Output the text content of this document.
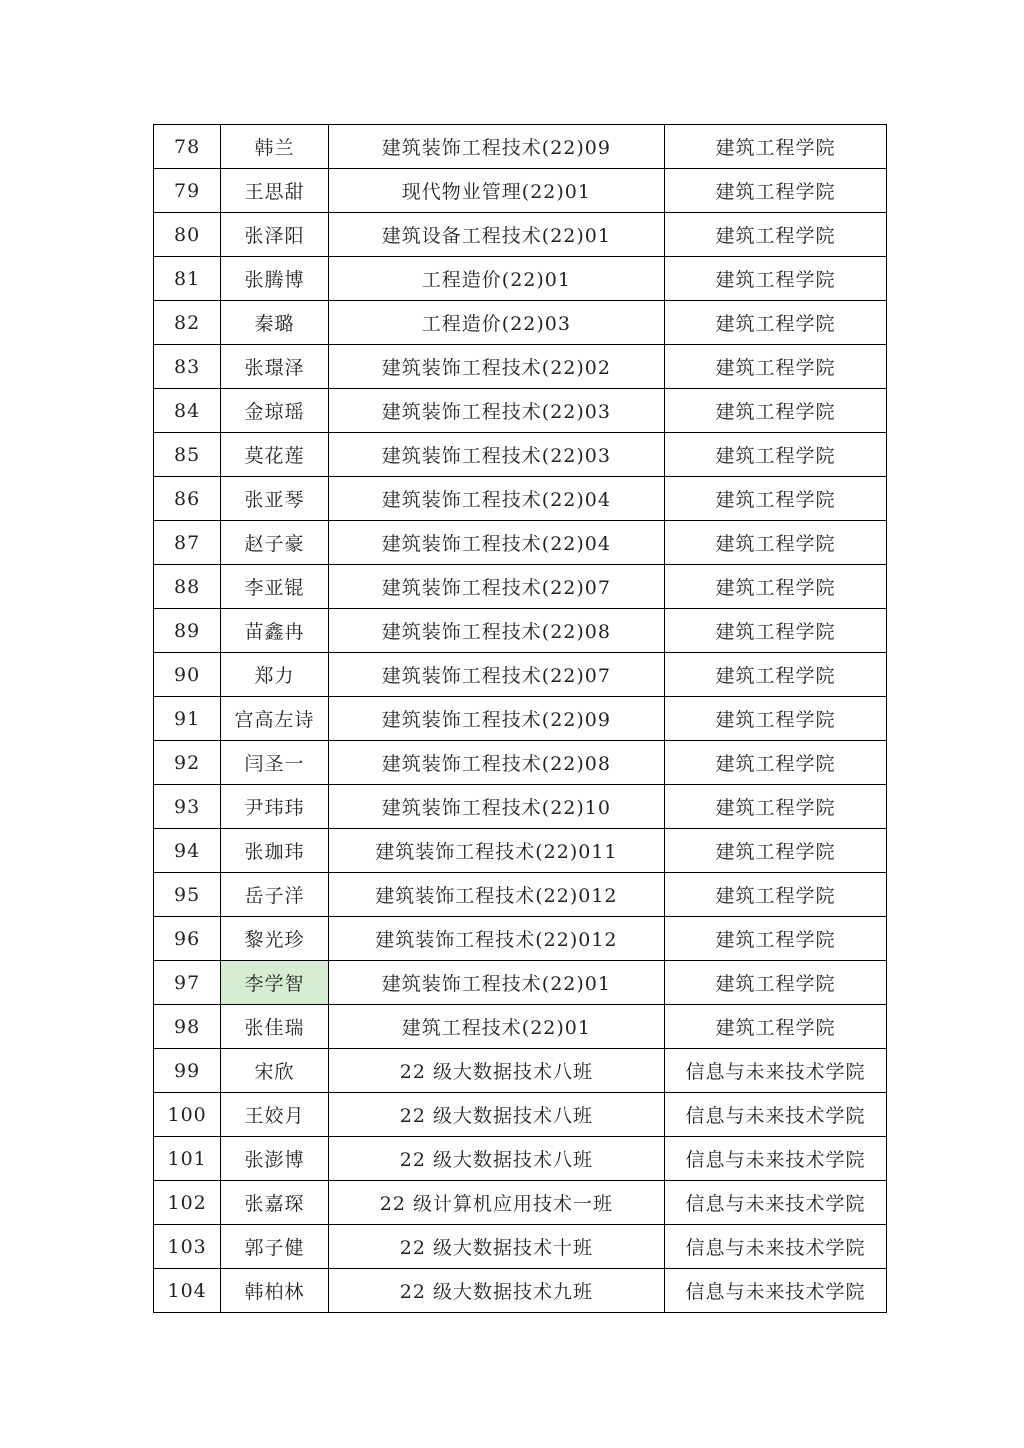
78	韩兰	建筑装饰工程技术(22)09	建筑工程学院
79	王思甜	现代物业管理(22)01	建筑工程学院
80	张泽阳	建筑设备工程技术(22)01	建筑工程学院
81	张腾博	工程造价(22)01	建筑工程学院
82	秦璐	工程造价(22)03	建筑工程学院
83	张璟泽	建筑装饰工程技术(22)02	建筑工程学院
84	金琼瑶	建筑装饰工程技术(22)03	建筑工程学院
85	莫花莲	建筑装饰工程技术(22)03	建筑工程学院
86	张亚琴	建筑装饰工程技术(22)04	建筑工程学院
87	赵子豪	建筑装饰工程技术(22)04	建筑工程学院
88	李亚锟	建筑装饰工程技术(22)07	建筑工程学院
89	苗鑫冉	建筑装饰工程技术(22)08	建筑工程学院
90	郑力	建筑装饰工程技术(22)07	建筑工程学院
91	宫高左诗	建筑装饰工程技术(22)09	建筑工程学院
92	闫圣一	建筑装饰工程技术(22)08	建筑工程学院
93	尹玮玮	建筑装饰工程技术(22)10	建筑工程学院
94	张珈玮	建筑装饰工程技术(22)011	建筑工程学院
95	岳子洋	建筑装饰工程技术(22)012	建筑工程学院
96	黎光珍	建筑装饰工程技术(22)012	建筑工程学院
97	李学智	建筑装饰工程技术(22)01	建筑工程学院
98	张佳瑞	建筑工程技术(22)01	建筑工程学院
99	宋欣	22 级大数据技术八班	信息与未来技术学院
100	王姣月	22 级大数据技术八班	信息与未来技术学院
101	张澎博	22 级大数据技术八班	信息与未来技术学院
102	张嘉琛	22 级计算机应用技术一班	信息与未来技术学院
103	郭子健	22 级大数据技术十班	信息与未来技术学院
104	韩柏林	22 级大数据技术九班	信息与未来技术学院
